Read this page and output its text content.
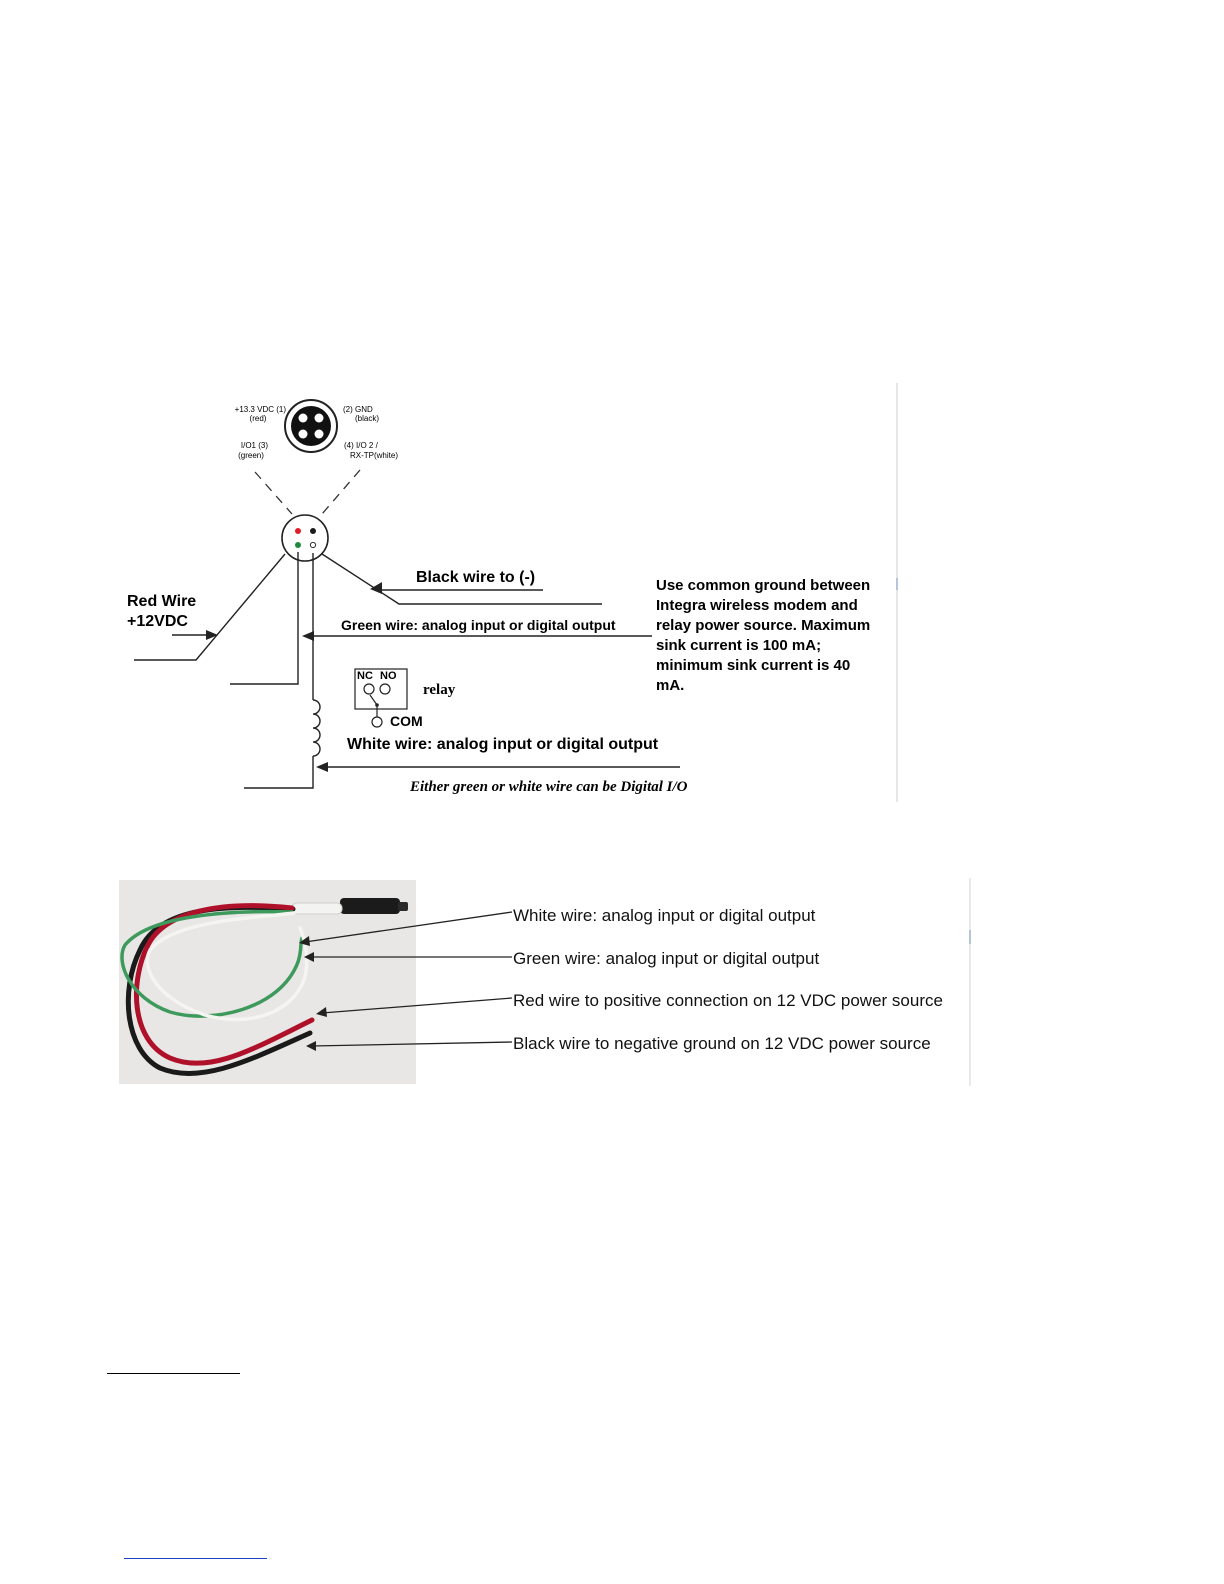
+13.3 VDC (1)
(red)
(2) GND
(black)
I/O1 (3)
(green)
(4) I/O 2 /
RX-TP(white)
NC NO
relay
COM
Red Wire
+12VDC
Black wire to (-)
Green wire: analog input or digital output
White wire: analog input or digital output
Use common ground between
Integra wireless modem and
relay power source. Maximum
sink current is 100 mA;
minimum sink current is 40
mA.
Either green or white wire can be Digital I/O
White wire: analog input or digital output
Green wire: analog input or digital output
Red wire to positive connection on 12 VDC power source
Black wire to negative ground on 12 VDC power source
